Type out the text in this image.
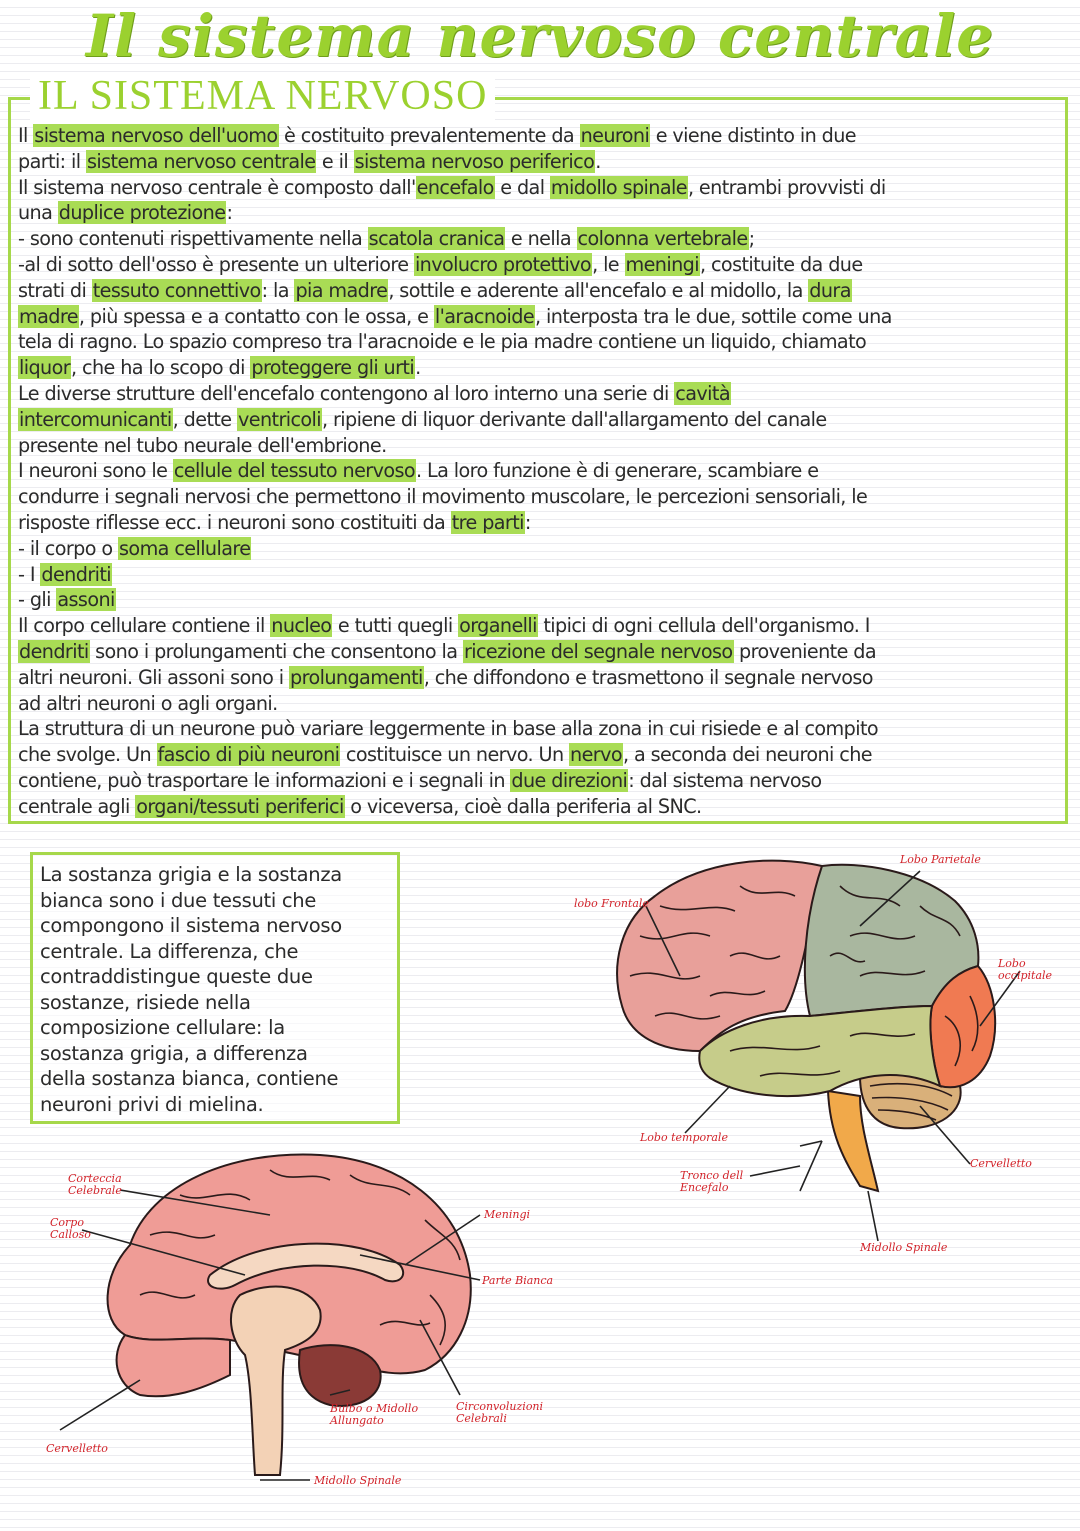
Il sistema nervoso centrale
IL SISTEMA NERVOSO
Il sistema nervoso dell'uomo è costituito prevalentemente da neuroni e viene distinto in due
parti: il sistema nervoso centrale e il sistema nervoso periferico.
Il sistema nervoso centrale è composto dall'encefalo e dal midollo spinale, entrambi provvisti di
una duplice protezione:
- sono contenuti rispettivamente nella scatola cranica e nella colonna vertebrale;
-al di sotto dell'osso è presente un ulteriore involucro protettivo, le meningi, costituite da due
strati di tessuto connettivo: la pia madre, sottile e aderente all'encefalo e al midollo, la dura
madre, più spessa e a contatto con le ossa, e l'aracnoide, interposta tra le due, sottile come una
tela di ragno. Lo spazio compreso tra l'aracnoide e le pia madre contiene un liquido, chiamato
liquor, che ha lo scopo di proteggere gli urti.
Le diverse strutture dell'encefalo contengono al loro interno una serie di cavità
intercomunicanti, dette ventricoli, ripiene di liquor derivante dall'allargamento del canale
presente nel tubo neurale dell'embrione.
I neuroni sono le cellule del tessuto nervoso. La loro funzione è di generare, scambiare e
condurre i segnali nervosi che permettono il movimento muscolare, le percezioni sensoriali, le
risposte riflesse ecc. i neuroni sono costituiti da tre parti:
- il corpo o soma cellulare
- I dendriti
- gli assoni
Il corpo cellulare contiene il nucleo e tutti quegli organelli tipici di ogni cellula dell'organismo. I
dendriti sono i prolungamenti che consentono la ricezione del segnale nervoso proveniente da
altri neuroni. Gli assoni sono i prolungamenti, che diffondono e trasmettono il segnale nervoso
ad altri neuroni o agli organi.
La struttura di un neurone può variare leggermente in base alla zona in cui risiede e al compito
che svolge. Un fascio di più neuroni costituisce un nervo. Un nervo, a seconda dei neuroni che
contiene, può trasportare le informazioni e i segnali in due direzioni: dal sistema nervoso
centrale agli organi/tessuti periferici o viceversa, cioè dalla periferia al SNC.
La sostanza grigia e la sostanza
bianca sono i due tessuti che
compongono il sistema nervoso
centrale. La differenza, che
contraddistingue queste due
sostanze, risiede nella
composizione cellulare: la
sostanza grigia, a differenza
della sostanza bianca, contiene
neuroni privi di mielina.
Lobo Parietale
lobo Frontale
Lobo occipitale
Lobo temporale
Tronco dell Encefalo
Cervelletto
Midollo Spinale
Corteccia Celebrale
Corpo Calloso
Meningi
Parte Bianca
Bulbo o Midollo Allungato
Circonvoluzioni Celebrali
Cervelletto
Midollo Spinale
